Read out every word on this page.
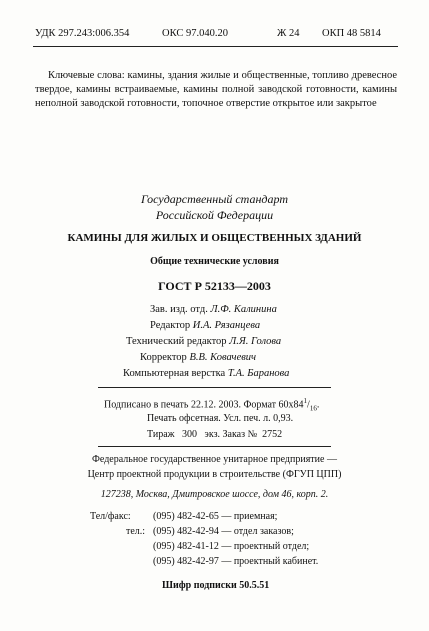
УДК 297.243:006.354	ОКС 97.040.20	Ж 24 ОКП 48 5814
Ключевые слова: камины, здания жилые и общественные, топливо древесное твердое, камины встраиваемые, камины полной заводской готовности, камины неполной заводской готовности, топочное отверстие открытое или закрытое
Государственный стандарт
Российской Федерации
КАМИНЫ ДЛЯ ЖИЛЫХ И ОБЩЕСТВЕННЫХ ЗДАНИЙ
Общие технические условия
ГОСТ Р 52133—2003
Зав. изд. отд. Л.Ф. Калинина
Редактор И.А. Рязанцева
Технический редактор Л.Я. Голова
Корректор В.В. Ковачевич
Компьютерная верстка Т.А. Баранова
Подписано в печать 22.12. 2003. Формат $60х84^1/_{16}$.
Печать офсетная. Усл. печ. л. 0,93.
Тираж   300   экз. Заказ №  2752
Федеральное государственное унитарное предприятие —
Центр проектной продукции в строительстве (ФГУП ЦПП)
127238, Москва, Дмитровское шоссе, дом 46, корп. 2.
Тел/факс: (095) 482-42-65 — приемная;
тел.: (095) 482-42-94 — отдел заказов;
(095) 482-41-12 — проектный отдел;
(095) 482-42-97 — проектный кабинет.
Шифр подписки 50.5.51
